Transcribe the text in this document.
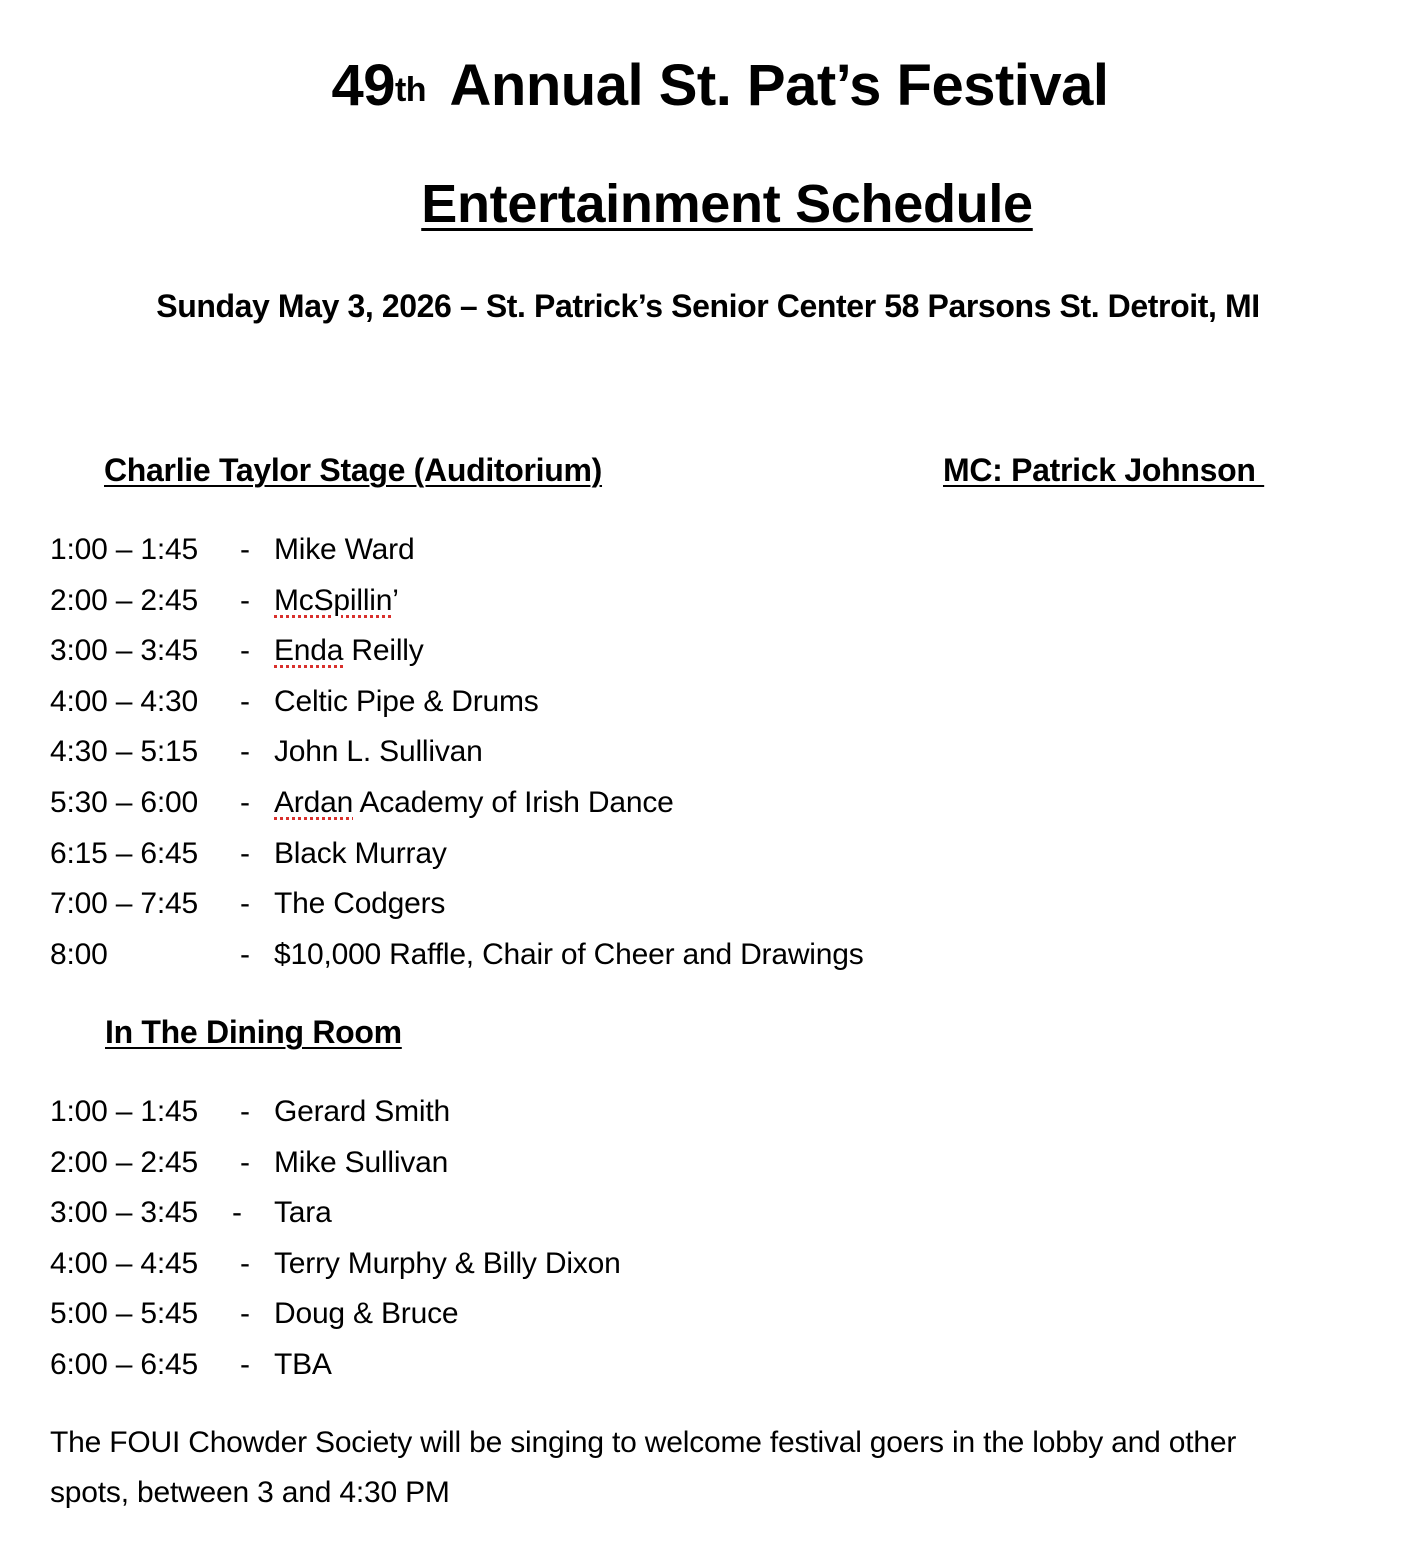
49th Annual St. Pat’s Festival
Entertainment Schedule
Sunday May 3, 2026 – St. Patrick’s Senior Center 58 Parsons St. Detroit, MI
Charlie Taylor Stage (Auditorium)	MC: Patrick Johnson
1:00 – 1:45 - Mike Ward
2:00 – 2:45 - McSpillin’
3:00 – 3:45 - Enda Reilly
4:00 – 4:30 - Celtic Pipe & Drums
4:30 – 5:15 - John L. Sullivan
5:30 – 6:00 - Ardan Academy of Irish Dance
6:15 – 6:45 - Black Murray
7:00 – 7:45 - The Codgers
8:00	- $10,000 Raffle, Chair of Cheer and Drawings
In The Dining Room
1:00 – 1:45 - Gerard Smith
2:00 – 2:45 - Mike Sullivan
3:00 – 3:45 - Tara
4:00 – 4:45 - Terry Murphy & Billy Dixon
5:00 – 5:45 - Doug & Bruce
6:00 – 6:45 - TBA
The FOUI Chowder Society will be singing to welcome festival goers in the lobby and other spots, between 3 and 4:30 PM
